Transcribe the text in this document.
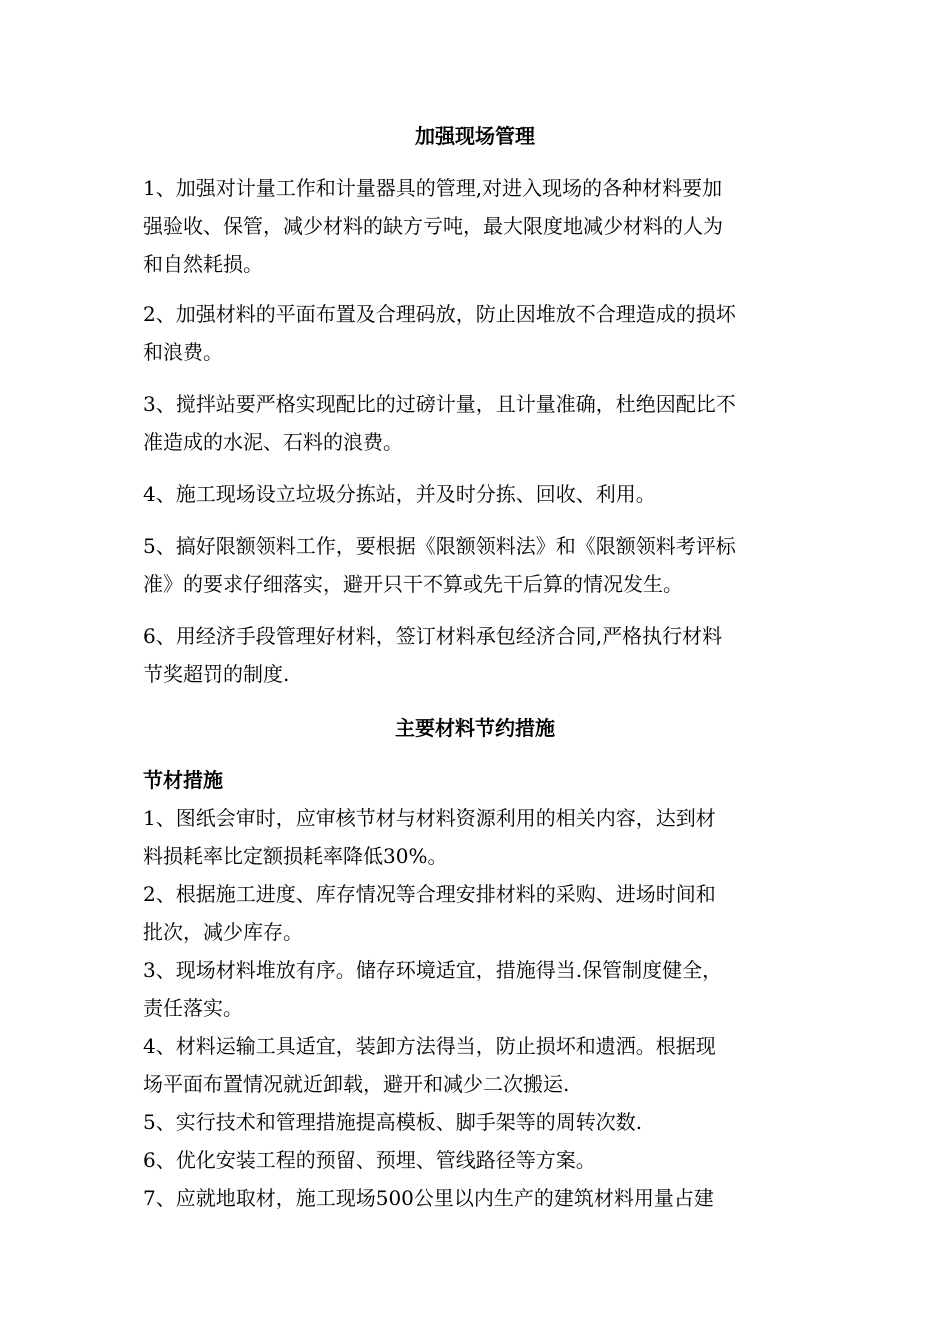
加强现场管理
1、加强对计量工作和计量器具的管理,对进入现场的各种材料要加
强验收、保管，减少材料的缺方亏吨，最大限度地减少材料的人为
和自然耗损。
2、加强材料的平面布置及合理码放，防止因堆放不合理造成的损坏
和浪费。
3、搅拌站要严格实现配比的过磅计量，且计量准确，杜绝因配比不
准造成的水泥、石料的浪费。
4、施工现场设立垃圾分拣站，并及时分拣、回收、利用。
5、搞好限额领料工作，要根据《限额领料法》和《限额领料考评标
准》的要求仔细落实，避开只干不算或先干后算的情况发生。
6、用经济手段管理好材料，签订材料承包经济合同,严格执行材料
节奖超罚的制度.
主要材料节约措施
节材措施
1、图纸会审时，应审核节材与材料资源利用的相关内容，达到材
料损耗率比定额损耗率降低30%。
2、根据施工进度、库存情况等合理安排材料的采购、进场时间和
批次，减少库存。
3、现场材料堆放有序。储存环境适宜，措施得当.保管制度健全，
责任落实。
4、材料运输工具适宜，装卸方法得当，防止损坏和遗洒。根据现
场平面布置情况就近卸载，避开和减少二次搬运.
5、实行技术和管理措施提高模板、脚手架等的周转次数.
6、优化安装工程的预留、预埋、管线路径等方案。
7、应就地取材，施工现场500公里以内生产的建筑材料用量占建
